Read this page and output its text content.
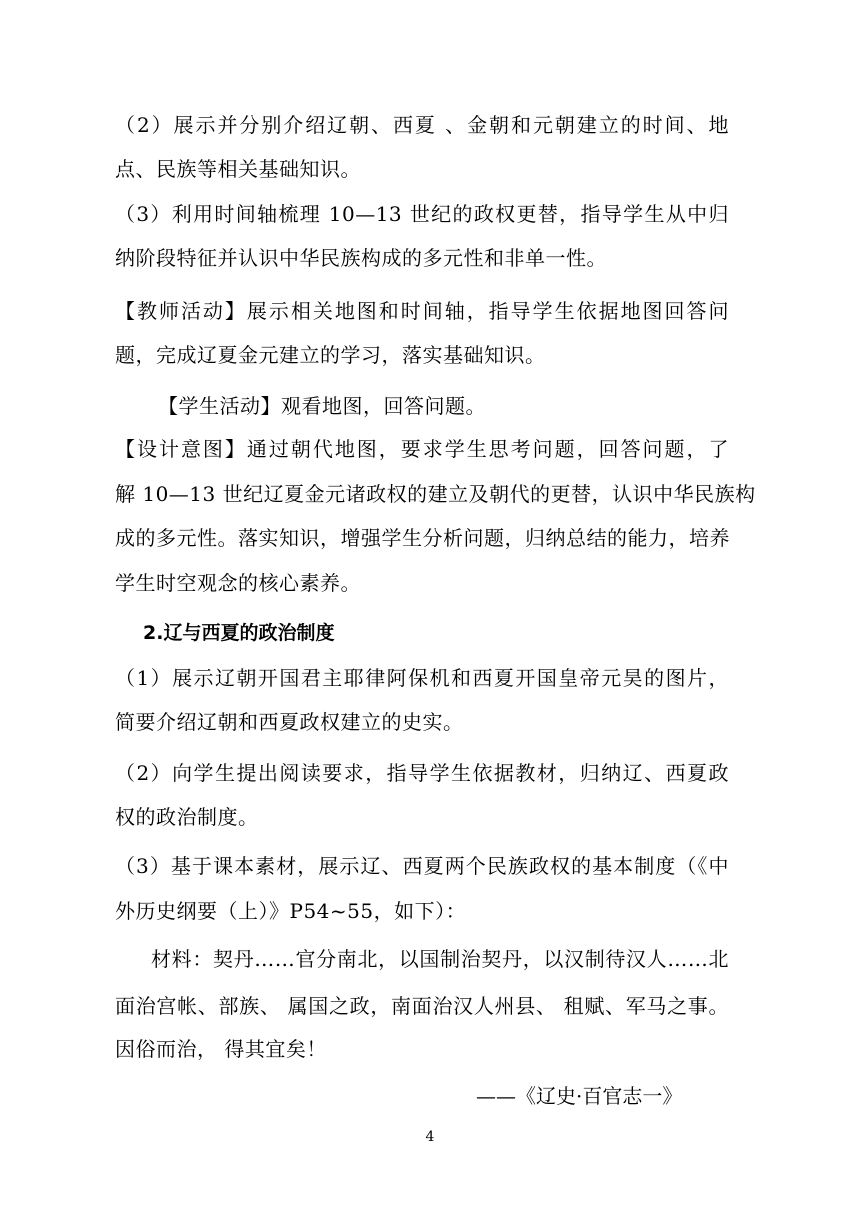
（2）展示并分别介绍辽朝、西夏 、金朝和元朝建立的时间、地
点、民族等相关基础知识。
（3）利用时间轴梳理 10—13 世纪的政权更替，指导学生从中归
纳阶段特征并认识中华民族构成的多元性和非单一性。
【教师活动】展示相关地图和时间轴，指导学生依据地图回答问
题，完成辽夏金元建立的学习，落实基础知识。
【学生活动】观看地图，回答问题。
【设计意图】通过朝代地图，要求学生思考问题，回答问题，了
解 10—13 世纪辽夏金元诸政权的建立及朝代的更替，认识中华民族构
成的多元性。落实知识，增强学生分析问题，归纳总结的能力，培养
学生时空观念的核心素养。
2.辽与西夏的政治制度
（1）展示辽朝开国君主耶律阿保机和西夏开国皇帝元昊的图片，
简要介绍辽朝和西夏政权建立的史实。
（2）向学生提出阅读要求，指导学生依据教材，归纳辽、西夏政
权的政治制度。
（3）基于课本素材，展示辽、西夏两个民族政权的基本制度（《中
外历史纲要（上）》P54~55，如下）：
材料：契丹……官分南北，以国制治契丹，以汉制待汉人……北
面治宫帐、部族、 属国之政，南面治汉人州县、 租赋、军马之事。
因俗而治， 得其宜矣！
——《辽史·百官志一》
4
